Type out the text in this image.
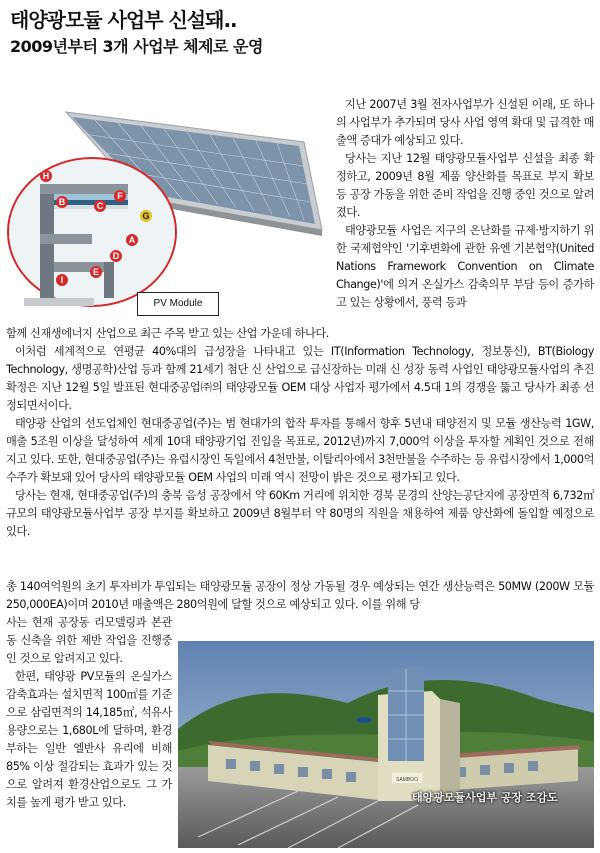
태양광모듈 사업부 신설돼..
2009년부터 3개 사업부 체제로 운영
H
B	C
F
G
A
D
E
I
PV Module

지난 2007년 3월 전자사업부가 신설된 이래, 또 하나의 사업부가 추가되며 당사 사업 영역 확대 및 급격한 매출액 증대가 예상되고 있다.

당사는 지난 12월 태양광모듈사업부 신설을 최종 확정하고, 2009년 8월 제품 양산화를 목표로 부지 확보 등 공장 가동을 위한 준비 작업을 진행 중인 것으로 알려졌다.

태양광모듈 사업은 지구의 온난화를 규제·방지하기 위한 국제협약인 '기후변화에 관한 유엔 기본협약(United Nations Framework Convention on Climate Change)'에 의거 온실가스 감축의무 부담 등이 증가하고 있는 상황에서, 풍력 등과

함께 신재생에너지 산업으로 최근 주목 받고 있는 산업 가운데 하나다.

이처럼 세계적으로 연평균 40%대의 급성장을 나타내고 있는 IT(Information Technology, 정보통신), BT(Biology Technology, 생명공학)산업 등과 함께 21세기 첨단 신 산업으로 급신장하는 미래 신 성장 동력 사업인 태양광모듈사업의 추진 확정은 지난 12월 5일 발표된 현대중공업㈜의 태양광모듈 OEM 대상 사업자 평가에서 4.5대 1의 경쟁을 뚫고 당사가 최종 선정되면서이다.

태양광 산업의 선도업체인 현대중공업(주)는 범 현대가의 합작 투자를 통해서 향후 5년내 태양전지 및 모듈 생산능력 1GW, 매출 5조원 이상을 달성하여 세계 10대 태양광기업 진입을 목표로, 2012년)까지 7,000억 이상을 투자할 계획인 것으로 전해지고 있다. 또한, 현대중공업(주)는 유럽시장인 독일에서 4천만불, 이탈리아에서 3천만불을 수주하는 등 유럽시장에서 1,000억 수주가 확보돼 있어 당사의 태양광모듈 OEM 사업의 미래 역시 전망이 밝은 것으로 평가되고 있다.

당사는 현재, 현대중공업(주)의 충북 음성 공장에서 약 60Km 거리에 위치한 경북 문경의 산양는공단지에 공장면적 6,732㎡ 규모의 태양광모듈사업부 공장 부지를 확보하고 2009년 8월부터 약 80명의 직원을 채용하여 제품 양산화에 돌입할 예정으로 있다.

총 140여억원의 초기 투자비가 투입되는 태양광모듈 공장이 정상 가동될 경우 예상되는 연간 생산능력은 50MW (200W 모듈 250,000EA)이며 2010년 매출액은 280억원에 달할 것으로 예상되고 있다. 이를 위해 당

사는 현재 공장동 리모델링과 본관동 신축을 위한 제반 작업을 진행중인 것으로 알려지고 있다.

한편, 태양광 PV모듈의 온실가스 감축효과는 설치면적 100㎡를 기준으로 삼림면적의 14,185㎡, 석유사용량으로는 1,680L에 달하며, 환경부하는 일반 엘반사 유리에 비해 85% 이상 절감되는 효과가 있는 것으로 알려져 환경산업으로도 그 가치를 높게 평가 받고 있다.

SAMBOO
태양광모듈사업부 공장 조감도
